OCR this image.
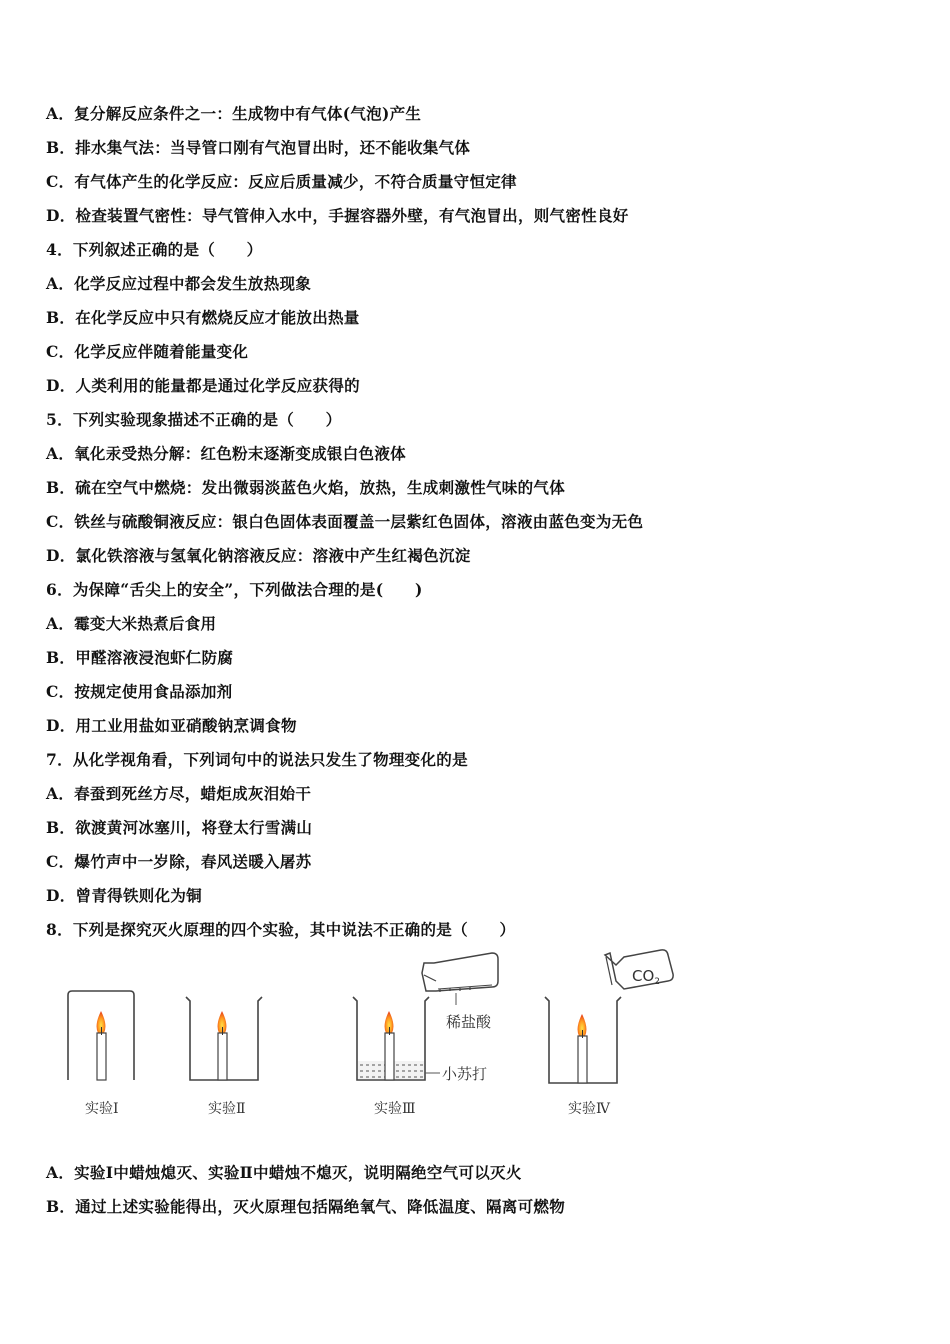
A．复分解反应条件之一：生成物中有气体(气泡)产生
B．排水集气法：当导管口刚有气泡冒出时，还不能收集气体
C．有气体产生的化学反应：反应后质量减少，不符合质量守恒定律
D．检查装置气密性：导气管伸入水中，手握容器外壁，有气泡冒出，则气密性良好
4．下列叙述正确的是（　　）
A．化学反应过程中都会发生放热现象
B．在化学反应中只有燃烧反应才能放出热量
C．化学反应伴随着能量变化
D．人类利用的能量都是通过化学反应获得的
5．下列实验现象描述不正确的是（　　）
A．氧化汞受热分解：红色粉末逐渐变成银白色液体
B．硫在空气中燃烧：发出微弱淡蓝色火焰，放热，生成刺激性气味的气体
C．铁丝与硫酸铜液反应：银白色固体表面覆盖一层紫红色固体，溶液由蓝色变为无色
D．氯化铁溶液与氢氧化钠溶液反应：溶液中产生红褐色沉淀
6．为保障“舌尖上的安全”，下列做法合理的是(　　)
A．霉变大米热煮后食用
B．甲醛溶液浸泡虾仁防腐
C．按规定使用食品添加剂
D．用工业用盐如亚硝酸钠烹调食物
7．从化学视角看，下列词句中的说法只发生了物理变化的是
A．春蚕到死丝方尽，蜡炬成灰泪始干
B．欲渡黄河冰塞川，将登太行雪满山
C．爆竹声中一岁除，春风送暖入屠苏
D．曾青得铁则化为铜
8．下列是探究灭火原理的四个实验，其中说法不正确的是（　　）
稀盐酸
小苏打
$CO_2$
实验Ⅰ	实验Ⅱ	实验Ⅲ	实验Ⅳ
A．实验Ⅰ中蜡烛熄灭、实验Ⅱ中蜡烛不熄灭，说明隔绝空气可以灭火
B．通过上述实验能得出，灭火原理包括隔绝氧气、降低温度、隔离可燃物
